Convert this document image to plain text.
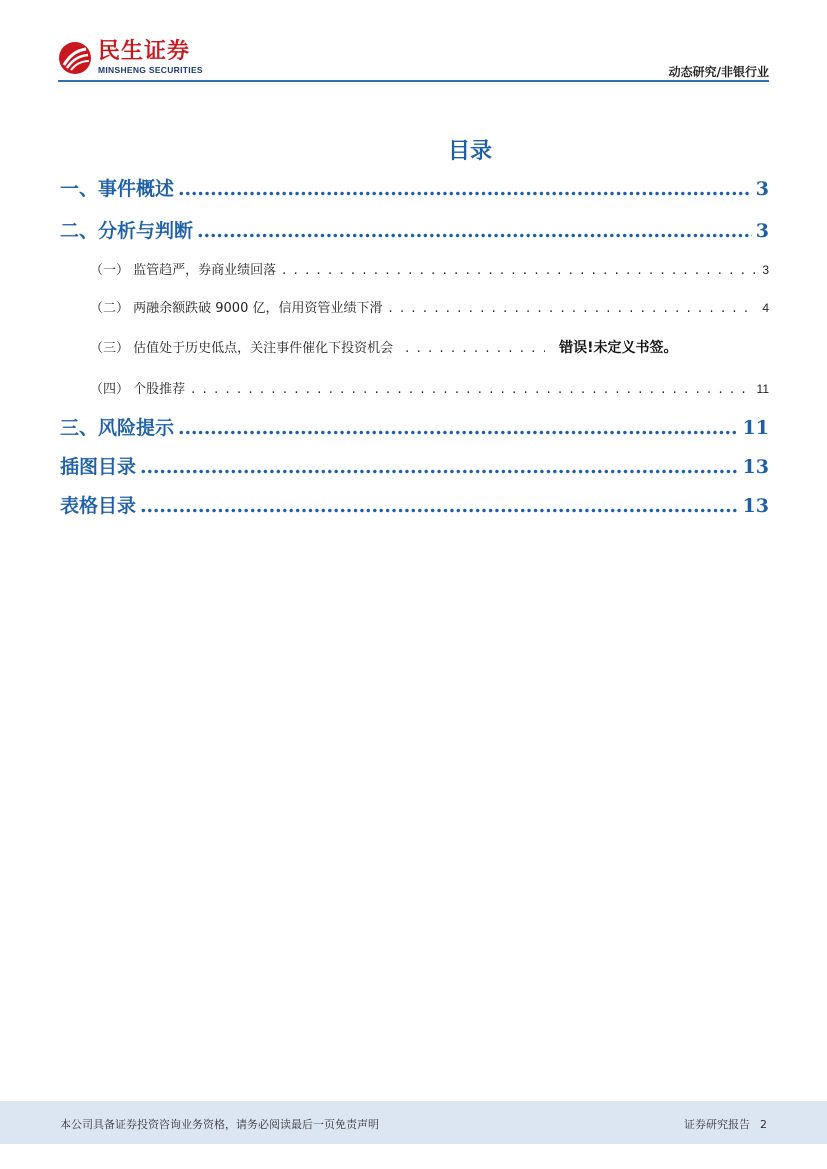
民生证券
MINSHENG SECURITIES	动态研究/非银行业
目录
一、事件概述 . . .	3
二、分析与判断 . . .	3
（一） 监管趋严，券商业绩回落 . . .	3
（二） 两融余额跌破 9000 亿，信用资管业绩下滑 . . .	4
（三） 估值处于历史低点，关注事件催化下投资机会 . . .	错误!未定义书签。
（四） 个股推荐 . . .	11
三、风险提示 . . .	11
插图目录 . . .	13
表格目录 . . .	13
本公司具备证券投资咨询业务资格，请务必阅读最后一页免责声明	证券研究报告 2
